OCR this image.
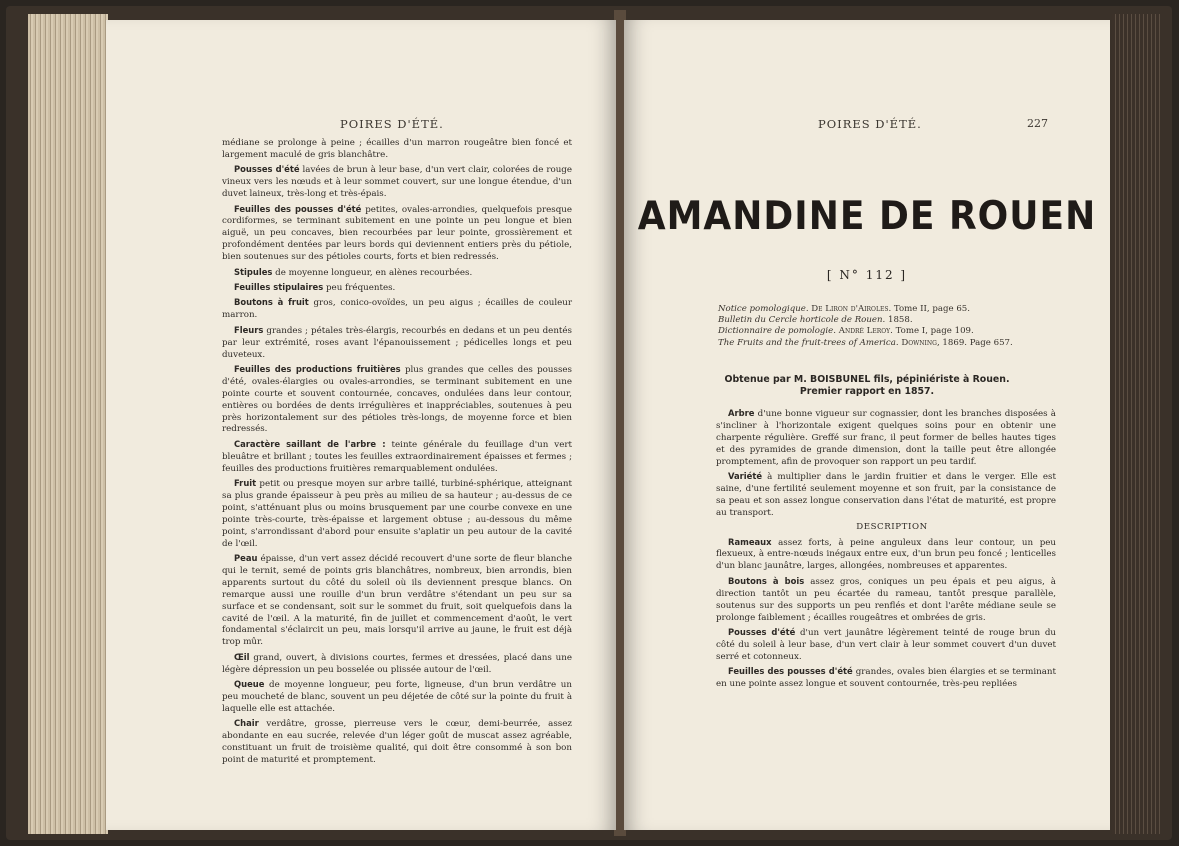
POIRES D'ÉTÉ.

médiane se prolonge à peine ; écailles d'un marron rougeâtre bien foncé et largement maculé de gris blanchâtre.

Pousses d'été lavées de brun à leur base, d'un vert clair, colorées de rouge vineux vers les nœuds et à leur sommet couvert, sur une longue étendue, d'un duvet laineux, très-long et très-épais.

Feuilles des pousses d'été petites, ovales-arrondies, quelquefois presque cordiformes, se terminant subitement en une pointe un peu longue et bien aiguë, un peu concaves, bien recourbées par leur pointe, grossièrement et profondément dentées par leurs bords qui deviennent entiers près du pétiole, bien soutenues sur des pétioles courts, forts et bien redressés.

Stipules de moyenne longueur, en alènes recourbées.

Feuilles stipulaires peu fréquentes.

Boutons à fruit gros, conico-ovoïdes, un peu aigus ; écailles de couleur marron.

Fleurs grandes ; pétales très-élargis, recourbés en dedans et un peu dentés par leur extrémité, roses avant l'épanouissement ; pédicelles longs et peu duveteux.

Feuilles des productions fruitières plus grandes que celles des pousses d'été, ovales-élargies ou ovales-arrondies, se terminant subitement en une pointe courte et souvent contournée, concaves, ondulées dans leur contour, entières ou bordées de dents irrégulières et inappréciables, soutenues à peu près horizontalement sur des pétioles très-longs, de moyenne force et bien redressés.

Caractère saillant de l'arbre : teinte générale du feuillage d'un vert bleuâtre et brillant ; toutes les feuilles extraordinairement épaisses et fermes ; feuilles des productions fruitières remarquablement ondulées.

Fruit petit ou presque moyen sur arbre taillé, turbiné-sphérique, atteignant sa plus grande épaisseur à peu près au milieu de sa hauteur ; au-dessus de ce point, s'atténuant plus ou moins brusquement par une courbe convexe en une pointe très-courte, très-épaisse et largement obtuse ; au-dessous du même point, s'arrondissant d'abord pour ensuite s'aplatir un peu autour de la cavité de l'œil.

Peau épaisse, d'un vert assez décidé recouvert d'une sorte de fleur blanche qui le ternit, semé de points gris blanchâtres, nombreux, bien arrondis, bien apparents surtout du côté du soleil où ils deviennent presque blancs. On remarque aussi une rouille d'un brun verdâtre s'étendant un peu sur sa surface et se condensant, soit sur le sommet du fruit, soit quelquefois dans la cavité de l'œil. A la maturité, fin de juillet et commencement d'août, le vert fondamental s'éclaircit un peu, mais lorsqu'il arrive au jaune, le fruit est déjà trop mûr.

Œil grand, ouvert, à divisions courtes, fermes et dressées, placé dans une légère dépression un peu bosselée ou plissée autour de l'œil.

Queue de moyenne longueur, peu forte, ligneuse, d'un brun verdâtre un peu moucheté de blanc, souvent un peu déjetée de côté sur la pointe du fruit à laquelle elle est attachée.

Chair verdâtre, grosse, pierreuse vers le cœur, demi-beurrée, assez abondante en eau sucrée, relevée d'un léger goût de muscat assez agréable, constituant un fruit de troisième qualité, qui doit être consommé à son bon point de maturité et promptement.

POIRES D'ÉTÉ.	227
AMANDINE DE ROUEN
[ N° 112 ]
Notice pomologique. De Liron d'Airoles. Tome II, page 65.
Bulletin du Cercle horticole de Rouen. 1858.
Dictionnaire de pomologie. André Leroy. Tome I, page 109.
The Fruits and the fruit-trees of America. Downing, 1869. Page 657.
Obtenue par M. BOISBUNEL fils, pépiniériste à Rouen.
Premier rapport en 1857.

Arbre d'une bonne vigueur sur cognassier, dont les branches disposées à s'incliner à l'horizontale exigent quelques soins pour en obtenir une charpente régulière. Greffé sur franc, il peut former de belles hautes tiges et des pyramides de grande dimension, dont la taille peut être allongée promptement, afin de provoquer son rapport un peu tardif.

Variété à multiplier dans le jardin fruitier et dans le verger. Elle est saine, d'une fertilité seulement moyenne et son fruit, par la consistance de sa peau et son assez longue conservation dans l'état de maturité, est propre au transport.

DESCRIPTION

Rameaux assez forts, à peine anguleux dans leur contour, un peu flexueux, à entre-nœuds inégaux entre eux, d'un brun peu foncé ; lenticelles d'un blanc jaunâtre, larges, allongées, nombreuses et apparentes.

Boutons à bois assez gros, coniques un peu épais et peu aigus, à direction tantôt un peu écartée du rameau, tantôt presque parallèle, soutenus sur des supports un peu renflés et dont l'arête médiane seule se prolonge faiblement ; écailles rougeâtres et ombrées de gris.

Pousses d'été d'un vert jaunâtre légèrement teinté de rouge brun du côté du soleil à leur base, d'un vert clair à leur sommet couvert d'un duvet serré et cotonneux.

Feuilles des pousses d'été grandes, ovales bien élargies et se terminant en une pointe assez longue et souvent contournée, très-peu repliées
